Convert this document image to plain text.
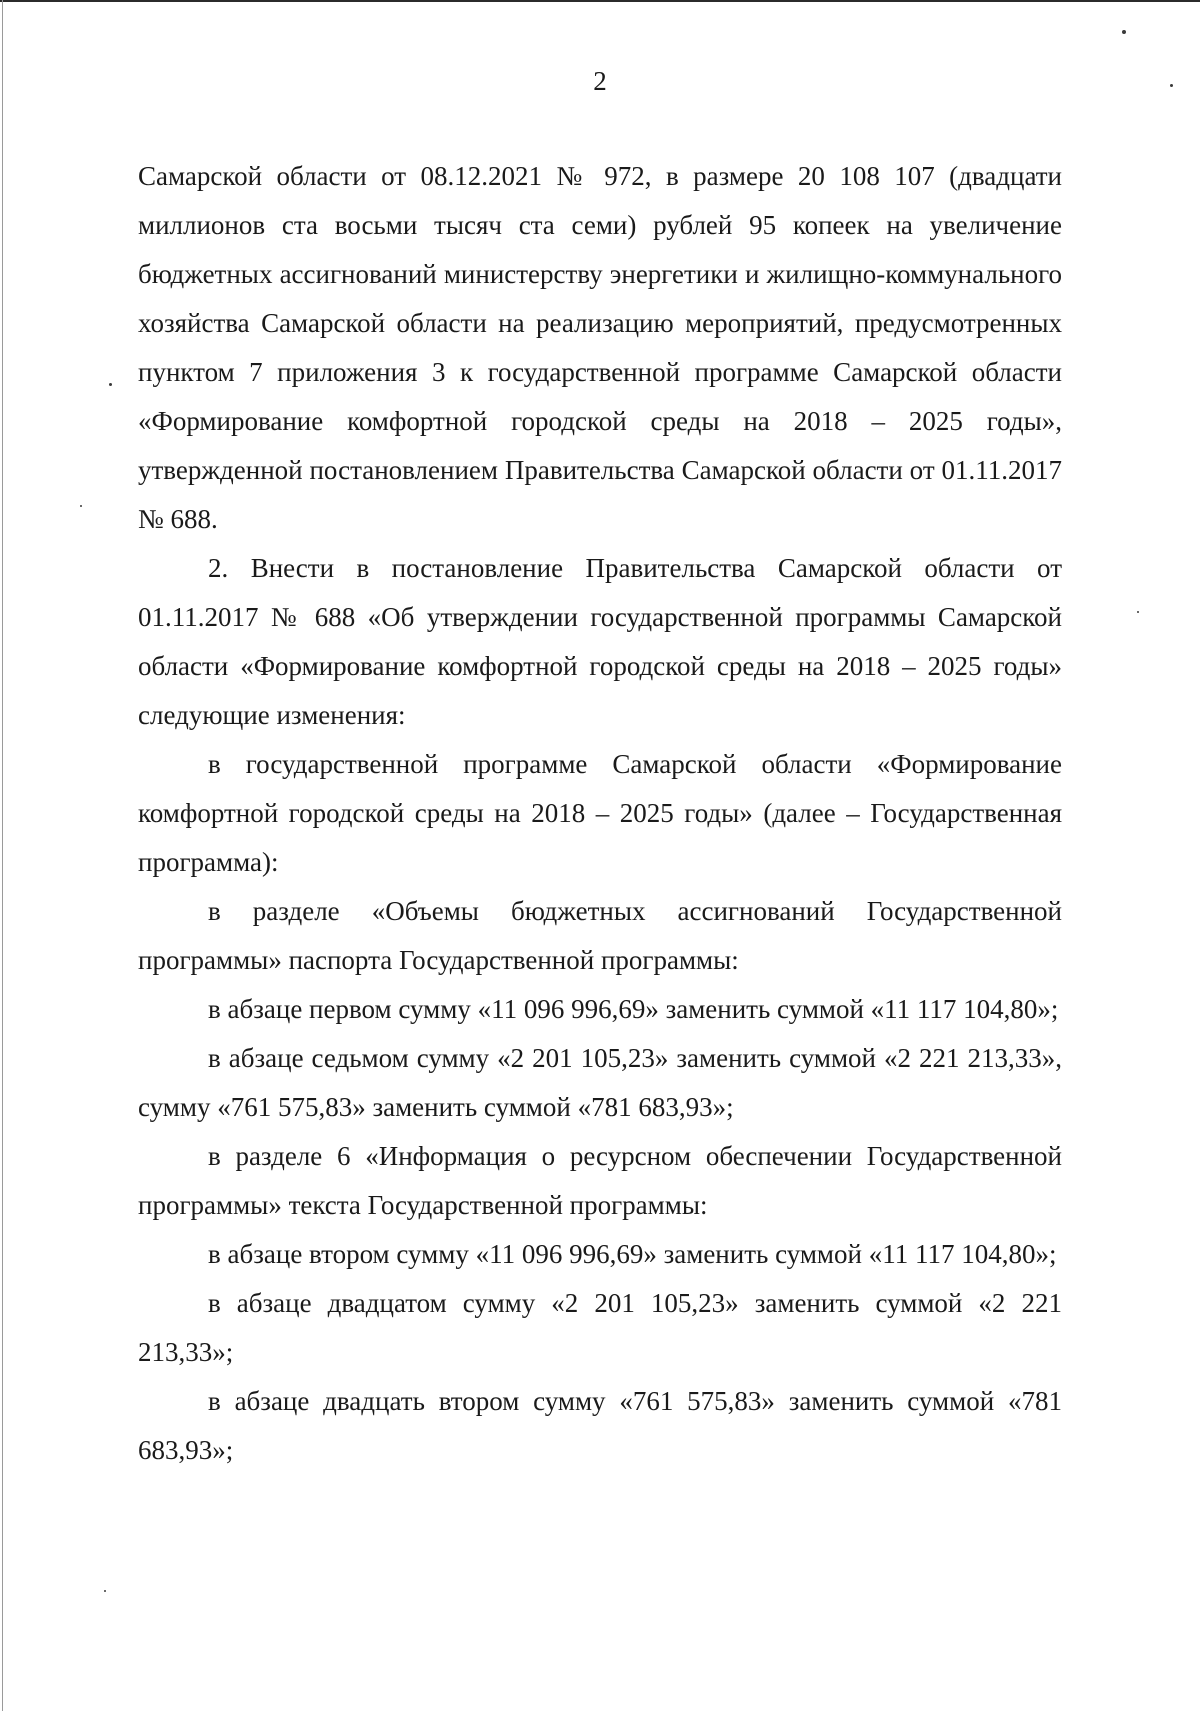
2

Самарской области от 08.12.2021 № 972, в размере 20 108 107 (двадцати миллионов ста восьми тысяч ста семи) рублей 95 копеек на увеличение бюджетных ассигнований министерству энергетики и жилищно-коммунального хозяйства Самарской области на реализацию мероприятий, предусмотренных пунктом 7 приложения 3 к государственной программе Самарской области «Формирование комфортной городской среды на 2018 – 2025 годы», утвержденной постановлением Правительства Самарской области от 01.11.2017 № 688.

2. Внести в постановление Правительства Самарской области от 01.11.2017 № 688 «Об утверждении государственной программы Самарской области «Формирование комфортной городской среды на 2018 – 2025 годы» следующие изменения:

в государственной программе Самарской области «Формирование комфортной городской среды на 2018 – 2025 годы» (далее – Государственная программа):

в разделе «Объемы бюджетных ассигнований Государственной программы» паспорта Государственной программы:

в абзаце первом сумму «11 096 996,69» заменить суммой «11 117 104,80»;

в абзаце седьмом сумму «2 201 105,23» заменить суммой «2 221 213,33», сумму «761 575,83» заменить суммой «781 683,93»;

в разделе 6 «Информация о ресурсном обеспечении Государственной программы» текста Государственной программы:

в абзаце втором сумму «11 096 996,69» заменить суммой «11 117 104,80»;

в абзаце двадцатом сумму «2 201 105,23» заменить суммой «2 221 213,33»;

в абзаце двадцать втором сумму «761 575,83» заменить суммой «781 683,93»;
